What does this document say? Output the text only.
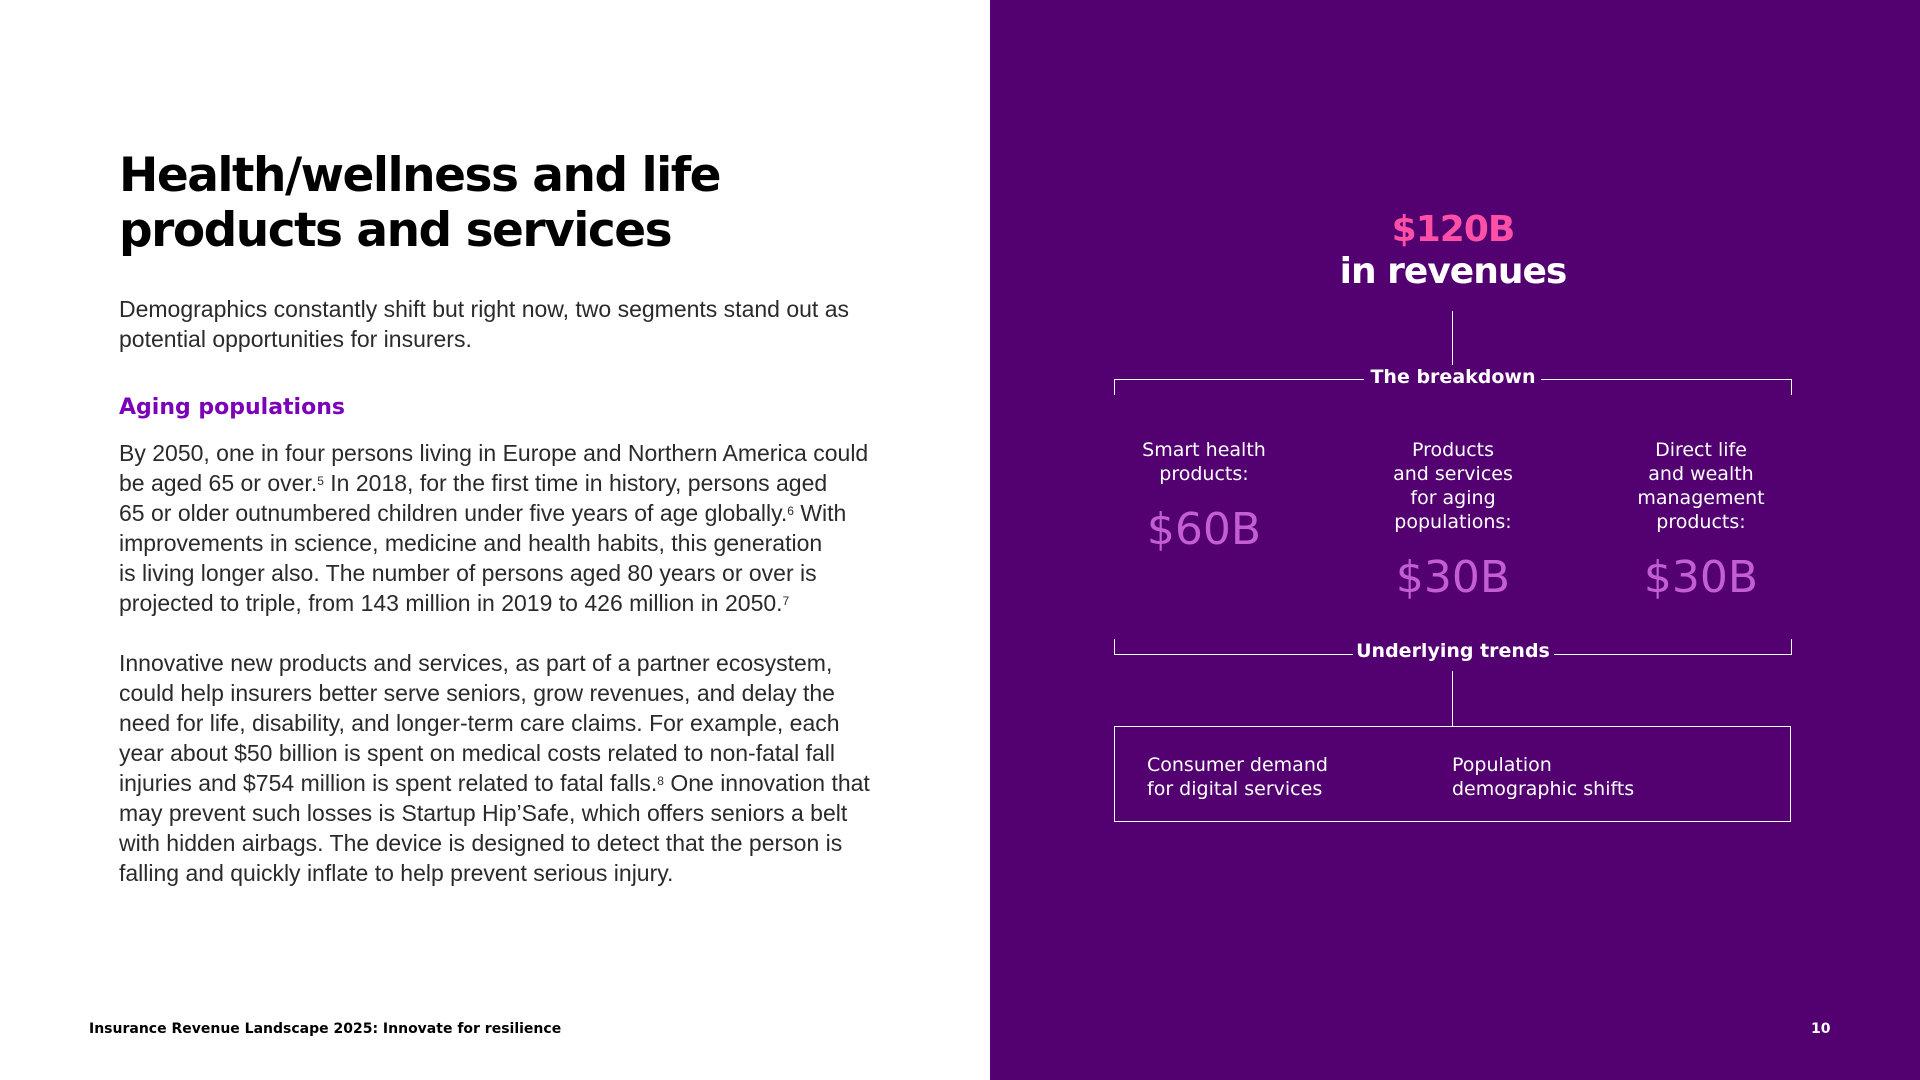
Health/wellness and life
products and services

Demographics constantly shift but right now, two segments stand out as potential opportunities for insurers.

Aging populations

By 2050, one in four persons living in Europe and Northern America could
be aged 65 or over.$^5$ In 2018, for the first time in history, persons aged
65 or older outnumbered children under five years of age globally.$^6$ With
improvements in science, medicine and health habits, this generation
is living longer also. The number of persons aged 80 years or over is
projected to triple, from 143 million in 2019 to 426 million in 2050.$^7$

Innovative new products and services, as part of a partner ecosystem,
could help insurers better serve seniors, grow revenues, and delay the
need for life, disability, and longer-term care claims. For example, each
year about $50 billion is spent on medical costs related to non-fatal fall
injuries and $754 million is spent related to fatal falls.$^8$ One innovation that
may prevent such losses is Startup Hip’Safe, which offers seniors a belt
with hidden airbags. The device is designed to detect that the person is
falling and quickly inflate to help prevent serious injury.

Insurance Revenue Landscape 2025: Innovate for resilience

$120B

in revenues

The breakdown

Smart health
products:
$60B
Products
and services
for aging
populations:
$30B
Direct life
and wealth
management
products:
$30B

Underlying trends

Consumer demand
for digital services
Population
demographic shifts

10
